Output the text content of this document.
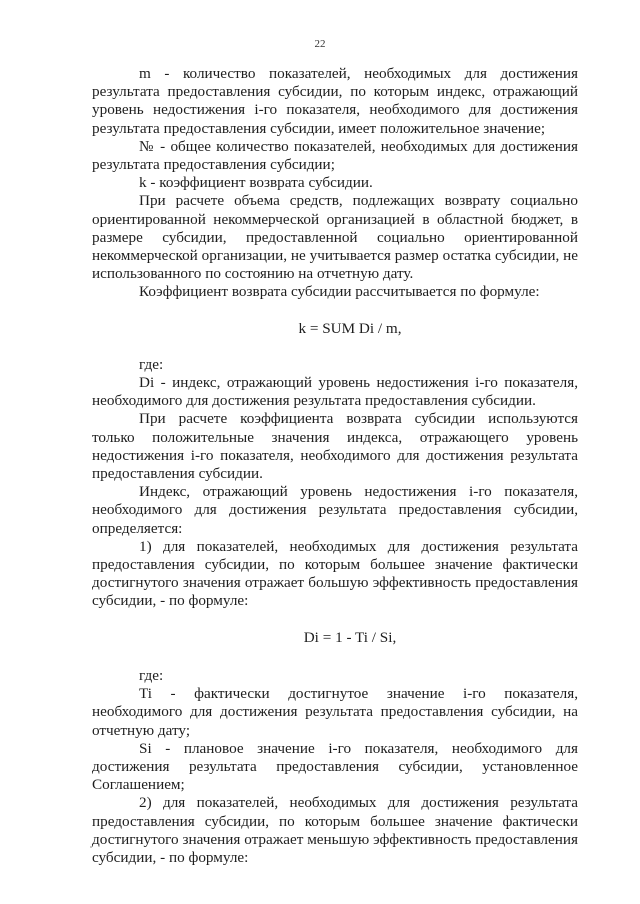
22

m - количество показателей, необходимых для достижения результата предоставления субсидии, по которым индекс, отражающий уровень недостижения i-го показателя, необходимого для достижения результата предоставления субсидии, имеет положительное значение;

№ - общее количество показателей, необходимых для достижения результата предоставления субсидии;

k - коэффициент возврата субсидии.

При расчете объема средств, подлежащих возврату социально ориентированной некоммерческой организацией в областной бюджет, в размере субсидии, предоставленной социально ориентированной некоммерческой организации, не учитывается размер остатка субсидии, не использованного по состоянию на отчетную дату.

Коэффициент возврата субсидии рассчитывается по формуле:

k = SUM Di / m,

где:

Di - индекс, отражающий уровень недостижения i-го показателя, необходимого для достижения результата предоставления субсидии.

При расчете коэффициента возврата субсидии используются только положительные значения индекса, отражающего уровень недостижения i-го показателя, необходимого для достижения результата предоставления субсидии.

Индекс, отражающий уровень недостижения i-го показателя, необходимого для достижения результата предоставления субсидии, определяется:

1) для показателей, необходимых для достижения результата предоставления субсидии, по которым большее значение фактически достигнутого значения отражает большую эффективность предоставления субсидии, - по формуле:

Di = 1 - Ti / Si,

где:

Ti - фактически достигнутое значение i-го показателя, необходимого для достижения результата предоставления субсидии, на отчетную дату;

Si - плановое значение i-го показателя, необходимого для достижения результата предоставления субсидии, установленное Соглашением;

2) для показателей, необходимых для достижения результата предоставления субсидии, по которым большее значение фактически достигнутого значения отражает меньшую эффективность предоставления субсидии, - по формуле:
